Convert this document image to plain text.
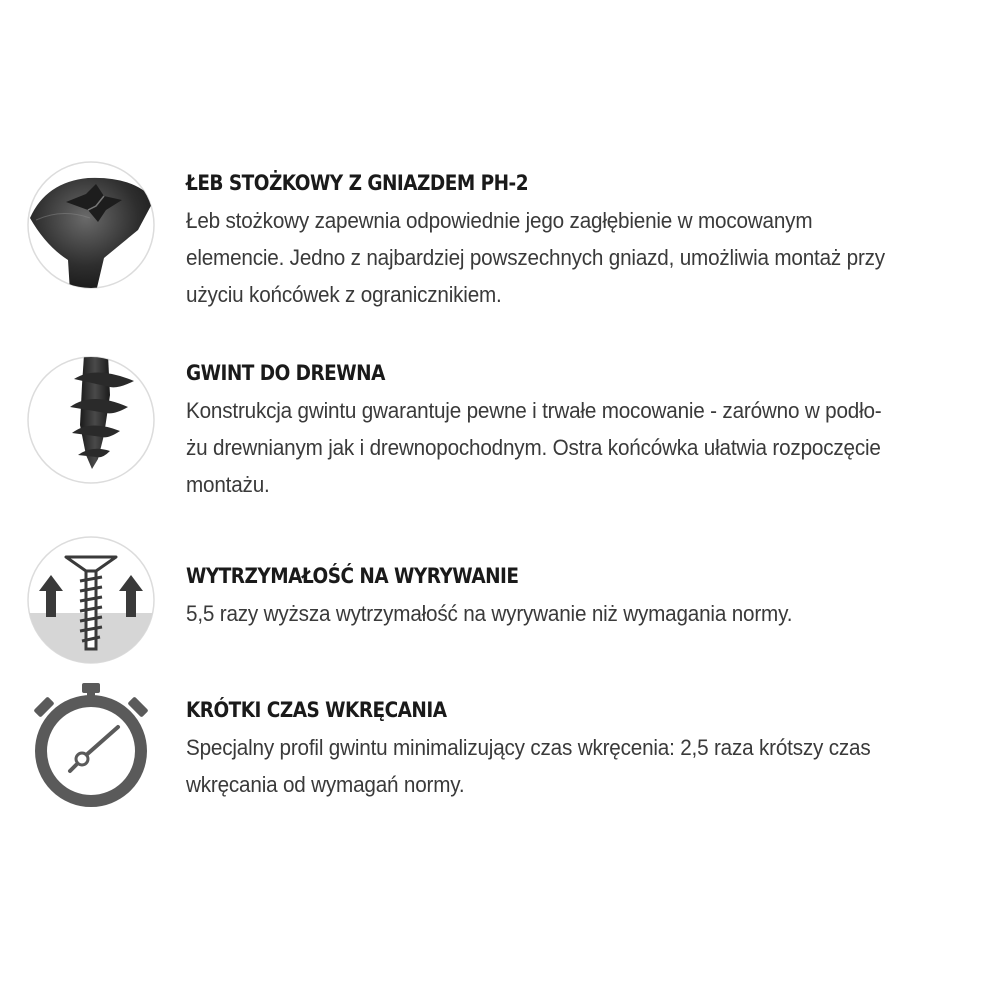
ŁEB STOŻKOWY Z GNIAZDEM PH-2
Łeb stożkowy zapewnia odpowiednie jego zagłębienie w mocowanym
elemencie. Jedno z najbardziej powszechnych gniazd, umożliwia montaż przy
użyciu końcówek z ogranicznikiem.
GWINT DO DREWNA
Konstrukcja gwintu gwarantuje pewne i trwałe mocowanie - zarówno w podło-
żu drewnianym jak i drewnopochodnym. Ostra końcówka ułatwia rozpoczęcie
montażu.
WYTRZYMAŁOŚĆ NA WYRYWANIE
5,5 razy wyższa wytrzymałość na wyrywanie niż wymagania normy.
KRÓTKI CZAS WKRĘCANIA
Specjalny profil gwintu minimalizujący czas wkręcenia: 2,5 raza krótszy czas
wkręcania od wymagań normy.
